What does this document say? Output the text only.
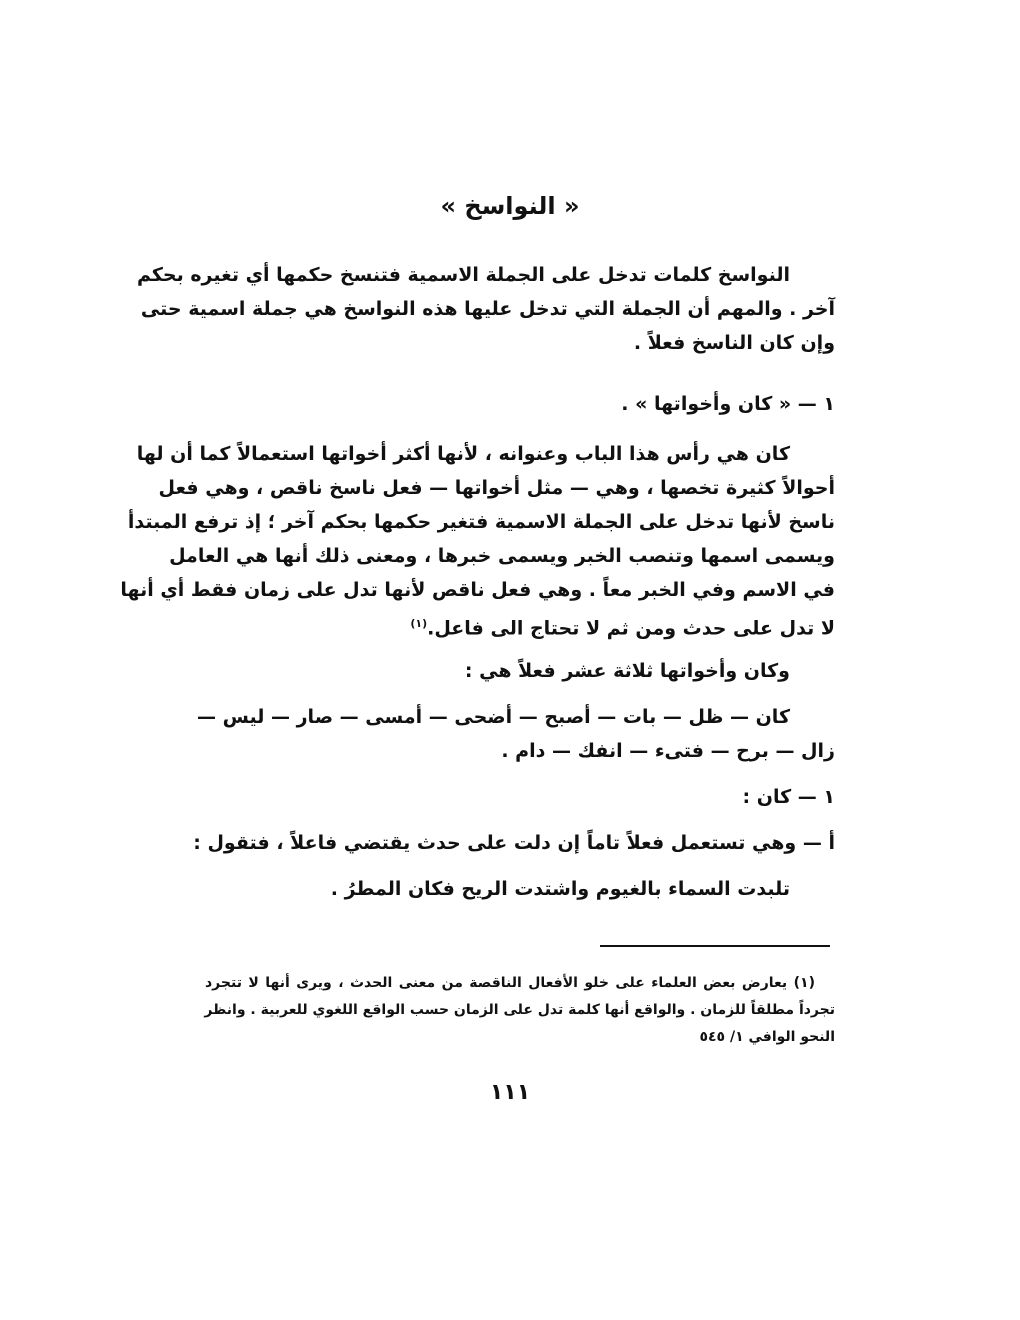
« النواسخ »
النواسخ كلمات تدخل على الجملة الاسمية فتنسخ حكمها أي تغيره بحكم
آخر . والمهم أن الجملة التي تدخل عليها هذه النواسخ هي جملة اسمية حتى
وإن كان الناسخ فعلاً .
١ — « كان وأخواتها » .
كان هي رأس هذا الباب وعنوانه ، لأنها أكثر أخواتها استعمالاً كما أن لها
أحوالاً كثيرة تخصها ، وهي — مثل أخواتها — فعل ناسخ ناقص ، وهي فعل
ناسخ لأنها تدخل على الجملة الاسمية فتغير حكمها بحكم آخر ؛ إذ ترفع المبتدأ
ويسمى اسمها وتنصب الخبر ويسمى خبرها ، ومعنى ذلك أنها هي العامل
في الاسم وفي الخبر معاً . وهي فعل ناقص لأنها تدل على زمان فقط أي أنها
لا تدل على حدث ومن ثم لا تحتاج الى فاعل.$^{(١)}$
وكان وأخواتها ثلاثة عشر فعلاً هي :
كان — ظل — بات — أصبح — أضحى — أمسى — صار — ليس —
زال — برح — فتىء — انفك — دام .
١ — كان :
أ — وهي تستعمل فعلاً تاماً إن دلت على حدث يقتضي فاعلاً ، فتقول :
تلبدت السماء بالغيوم واشتدت الريح فكان المطرُ .
(١) يعارض بعض العلماء على خلو الأفعال الناقصة من معنى الحدث ، ويرى أنها لا تتجرد
تجرداً مطلقاً للزمان . والواقع أنها كلمة تدل على الزمان حسب الواقع اللغوي للعربية . وانظر
النحو الوافي ١/ ٥٤٥
١١١
